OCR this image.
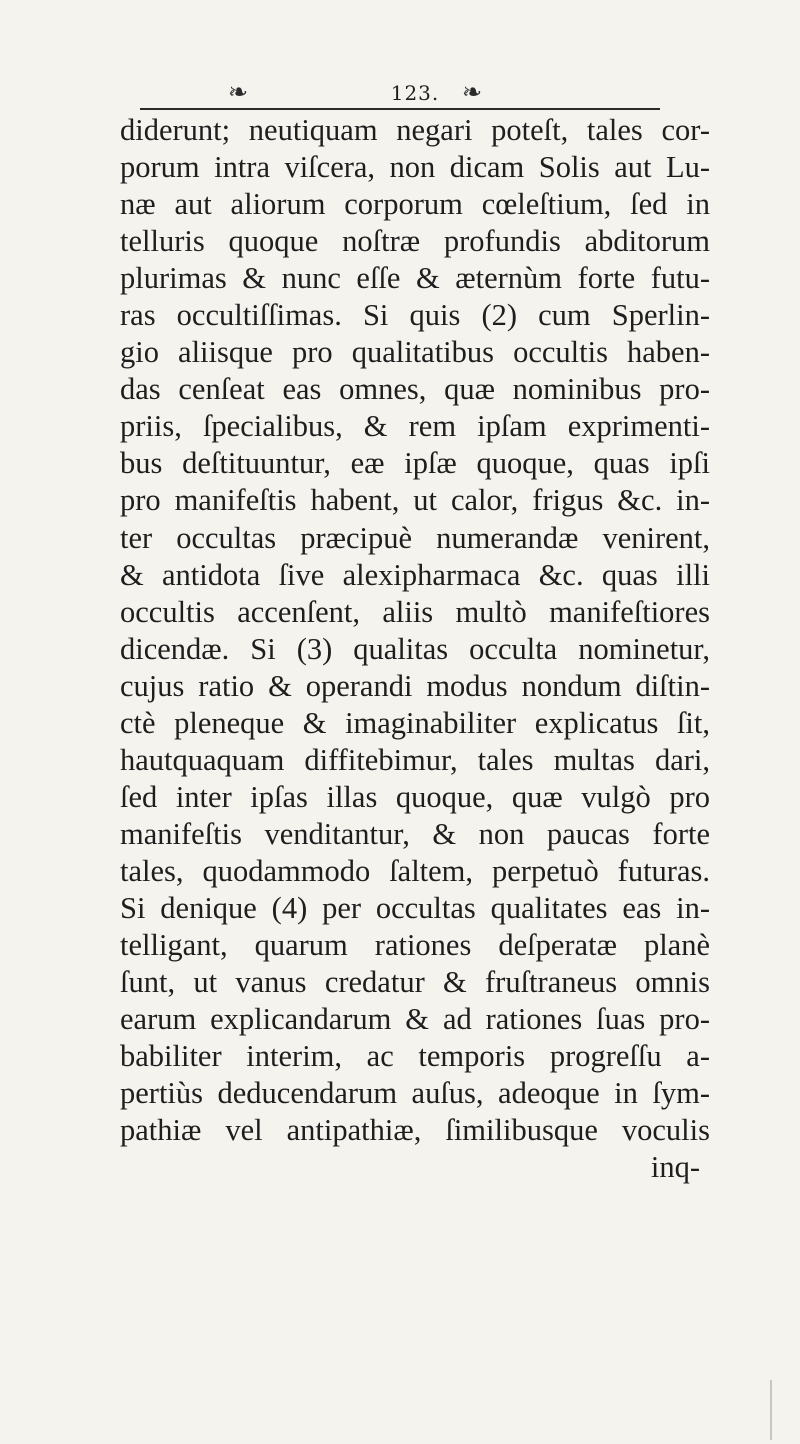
❧	123. ❧
diderunt; neutiquam negari poteſt, tales cor-
porum intra viſcera, non dicam Solis aut Lu-
næ aut aliorum corporum cœleſtium, ſed in
telluris quoque noſtræ profundis abditorum
plurimas & nunc eſſe & æternùm forte futu-
ras occultiſſimas. Si quis (2) cum Sperlin-
gio aliisque pro qualitatibus occultis haben-
das cenſeat eas omnes, quæ nominibus pro-
priis, ſpecialibus, & rem ipſam exprimenti-
bus deſtituuntur, eæ ipſæ quoque, quas ipſi
pro manifeſtis habent, ut calor, frigus &c. in-
ter occultas præcipuè numerandæ venirent,
& antidota ſive alexipharmaca &c. quas illi
occultis accenſent, aliis multò manifeſtiores
dicendæ. Si (3) qualitas occulta nominetur,
cujus ratio & operandi modus nondum diſtin-
ctè pleneque & imaginabiliter explicatus ſit,
hautquaquam diffitebimur, tales multas dari,
ſed inter ipſas illas quoque, quæ vulgò pro
manifeſtis venditantur, & non paucas forte
tales, quodammodo ſaltem, perpetuò futuras.
Si denique (4) per occultas qualitates eas in-
telligant, quarum rationes deſperatæ planè
ſunt, ut vanus credatur & fruſtraneus omnis
earum explicandarum & ad rationes ſuas pro-
babiliter interim, ac temporis progreſſu a-
pertiùs deducendarum auſus, adeoque in ſym-
pathiæ vel antipathiæ, ſimilibusque voculis
inq-
